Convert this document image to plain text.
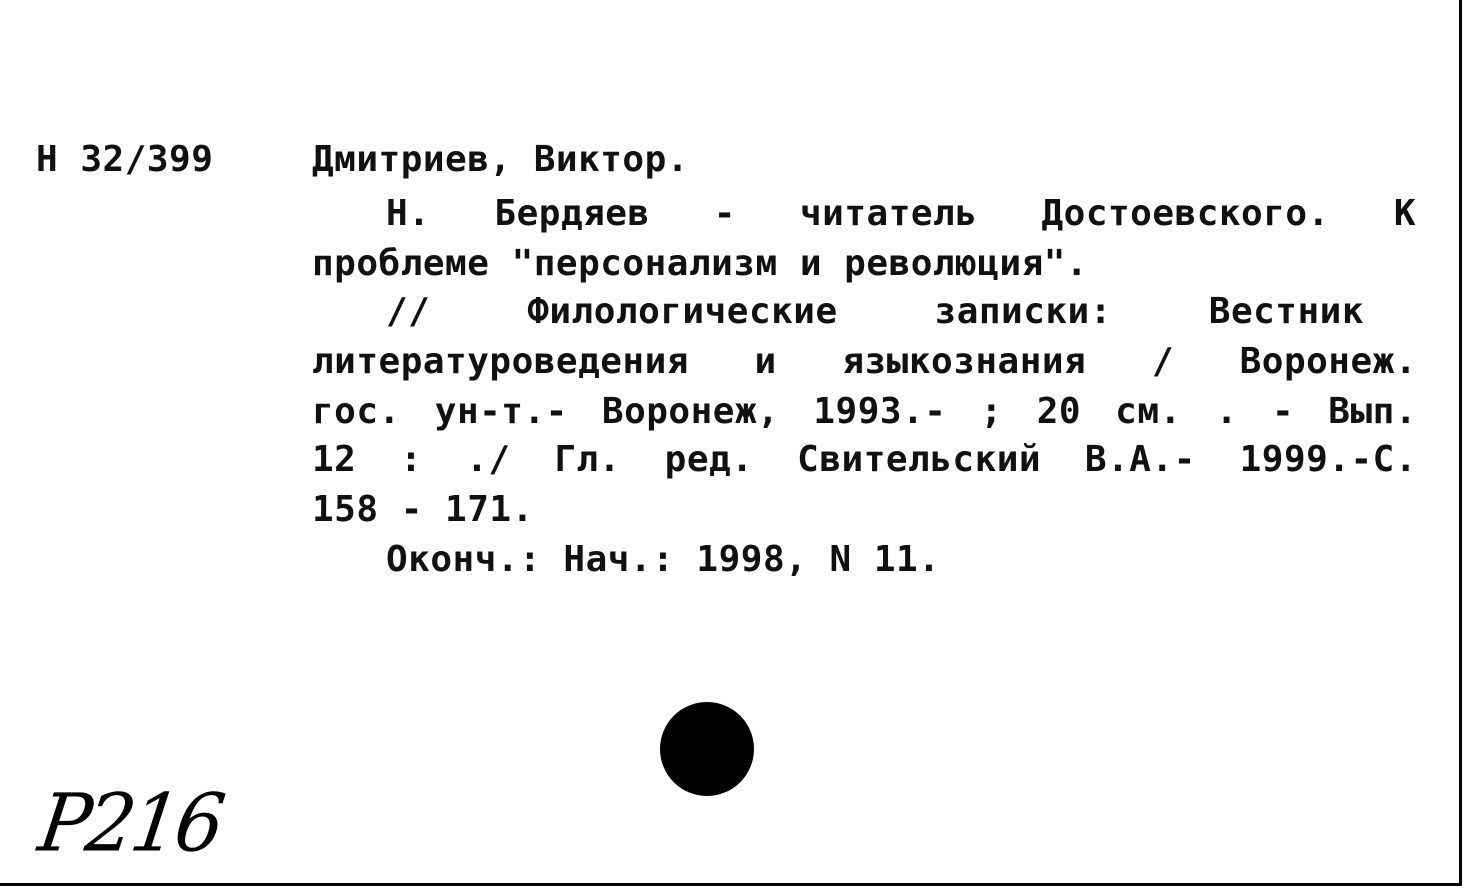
Н 32/399	Дмитриев, Виктор.
Н. Бердяев - читатель Достоевского. К
проблеме "персонализм и революция".
// Филологические записки: Вестник
литературоведения и языкознания / Воронеж.
гос. ун-т.- Воронеж, 1993.- ; 20 см. . - Вып.
12 : ./ Гл. ред. Свительский В.А.- 1999.-С.
158 - 171.
Оконч.: Нач.: 1998, N 11.
P216
